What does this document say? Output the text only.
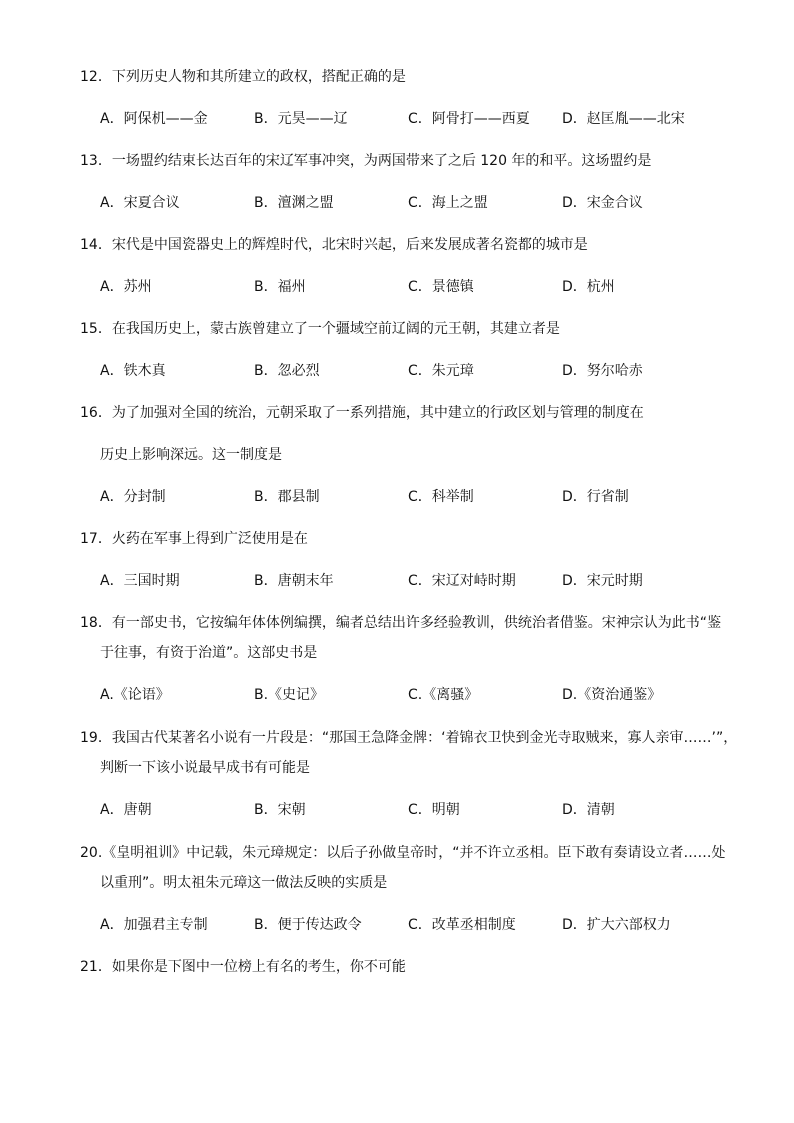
12．下列历史人物和其所建立的政权，搭配正确的是
A．阿保机——金	B．元昊——辽	C．阿骨打——西夏 D．赵匡胤——北宋
13．一场盟约结束长达百年的宋辽军事冲突，为两国带来了之后 120 年的和平。这场盟约是
A．宋夏合议	B．澶渊之盟	C．海上之盟	D．宋金合议
14．宋代是中国瓷器史上的辉煌时代，北宋时兴起，后来发展成著名瓷都的城市是
A．苏州	B．福州	C．景德镇	D．杭州
15．在我国历史上，蒙古族曾建立了一个疆域空前辽阔的元王朝，其建立者是
A．铁木真	B．忽必烈	C．朱元璋	D．努尔哈赤
16．为了加强对全国的统治，元朝采取了一系列措施，其中建立的行政区划与管理的制度在
历史上影响深远。这一制度是
A．分封制	B．郡县制	C．科举制	D．行省制
17．火药在军事上得到广泛使用是在
A．三国时期	B．唐朝末年	C．宋辽对峙时期	D．宋元时期
18．有一部史书，它按编年体体例编撰，编者总结出许多经验教训，供统治者借鉴。宋神宗认为此书“鉴
于往事，有资于治道”。这部史书是
A.《论语》	B.《史记》	C.《离骚》	D.《资治通鉴》
19．我国古代某著名小说有一片段是：“那国王急降金牌：‘着锦衣卫快到金光寺取贼来，寡人亲审……’”，
判断一下该小说最早成书有可能是
A．唐朝	B．宋朝	C．明朝	D．清朝
20.《皇明祖训》中记载，朱元璋规定：以后子孙做皇帝时，“并不许立丞相。臣下敢有奏请设立者……处
以重刑”。明太祖朱元璋这一做法反映的实质是
A．加强君主专制	B．便于传达政令	C．改革丞相制度	D．扩大六部权力
21．如果你是下图中一位榜上有名的考生，你不可能
